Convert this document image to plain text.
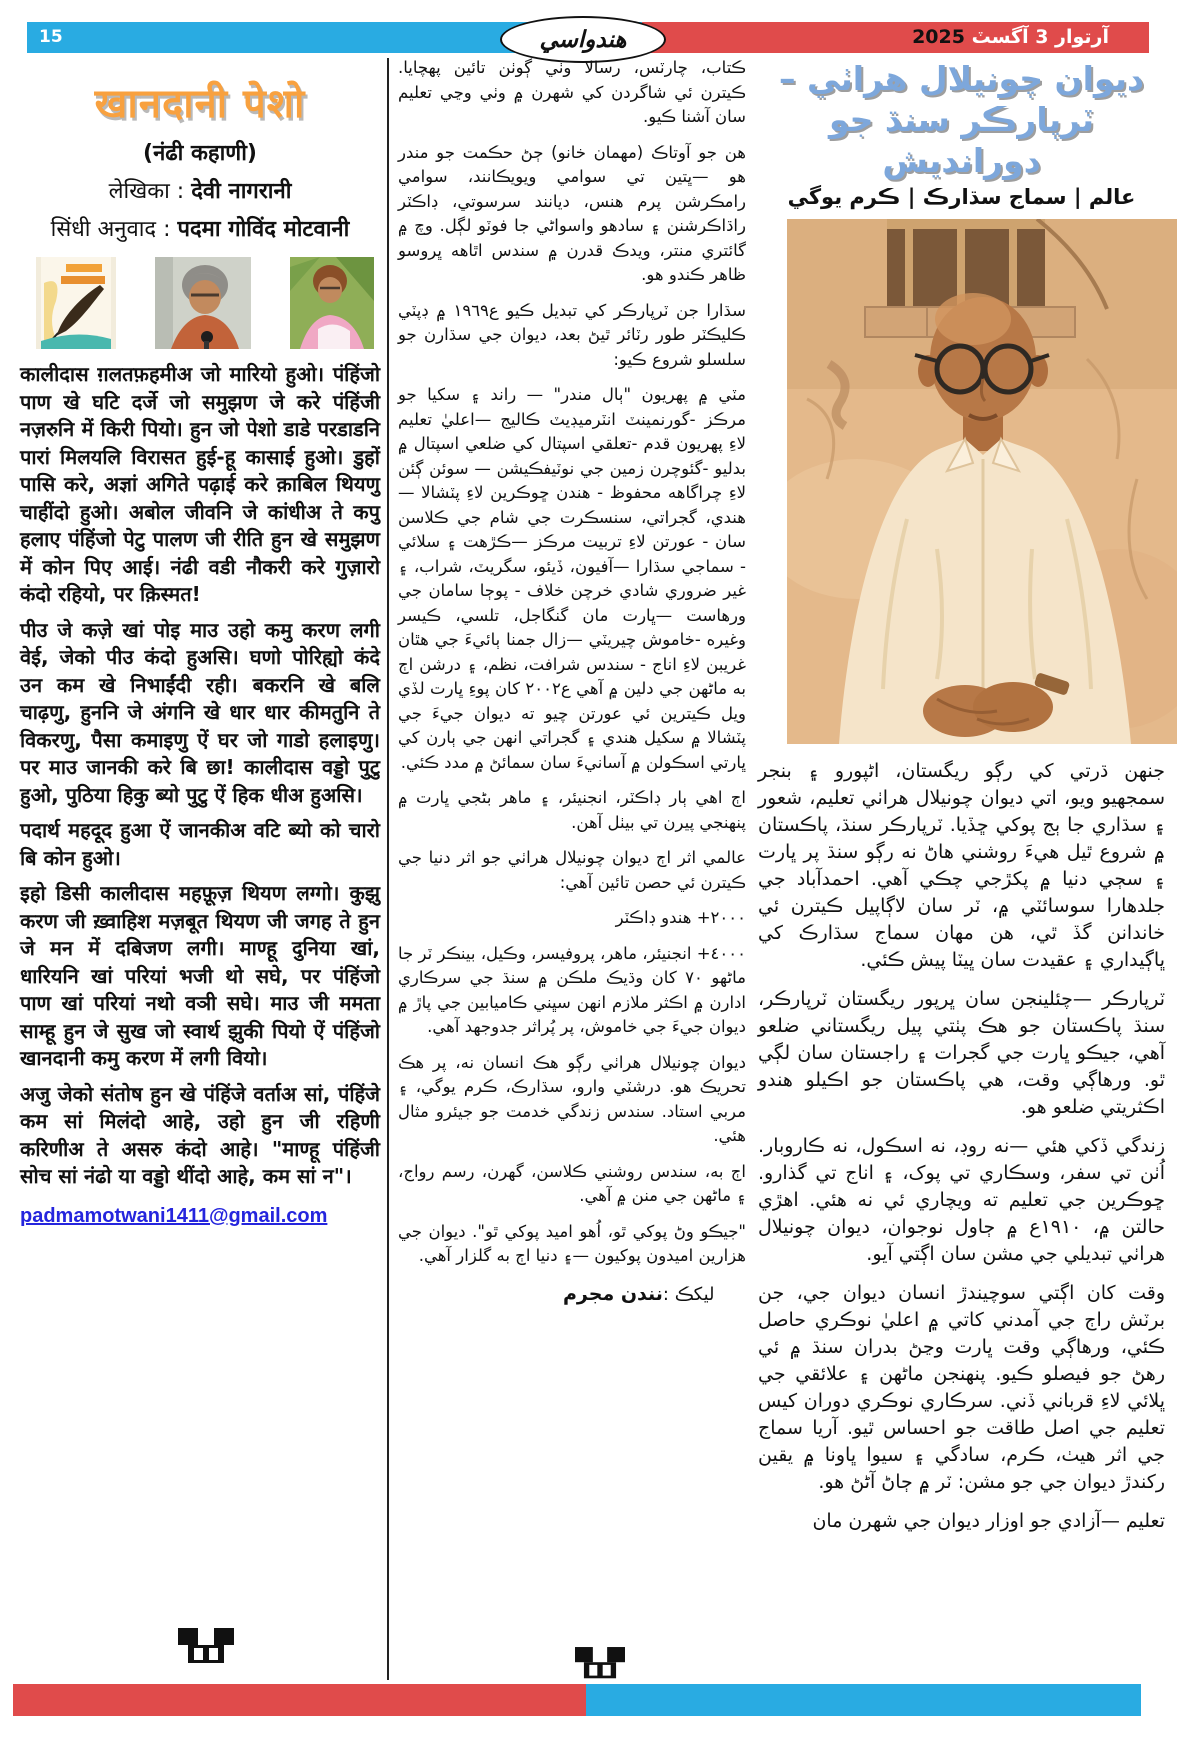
15	هندواسي	آرتوار 3 آگسٽ 2025
खानदानी पेशो
(नंढी कहाणी)
लेखिका : देवी नागरानी
सिंधी अनुवाद : पदमा गोविंद मोटवानी

कालीदास ग़लतफ़हमीअ जो मारियो हुओ। पंहिंजो पाण खे घटि दर्जे जो समुझण जे करे पंहिंजी नज़रुनि में किरी पियो। हुन जो पेशो डाडे परडाडनि पारां मिलयलि विरासत हुई-हू कासाई हुओ। डुहों पासि करे, अज्ञां अगिते पढ़ाई करे क़ाबिल थियणु चाहींदो हुओ। अबोल जीवनि जे कांधीअ ते कपु हलाए पंहिंजो पेटु पालण जी रीति हुन खे समुझण में कोन पिए आई। नंढी वडी नौकरी करे गुज़ारो कंदो रहियो, पर क़िस्मत!

पीउ जे कज़े खां पोइ माउ उहो कमु करण लगी वेई, जेको पीउ कंदो हुअसि। घणो पोरिह्यो कंदे उन कम खे निभाईंदी रही। बकरनि खे बलि चाढ़णु, हुननि जे अंगनि खे धार धार कीमतुनि ते विकरणु, पैसा कमाइणु ऐं घर जो गाडो हलाइणु। पर माउ जानकी करे बि छा! कालीदास वड्डो पुटु हुओ, पुठिया हिकु ब्यो पुटु ऐं हिक धीअ हुअसि।

पदार्थ महदूद हुआ ऐं जानकीअ वटि ब्यो को चारो बि कोन हुओ।

इहो डिसी कालीदास महफ़ूज़ थियण लग्गो। कुझु करण जी ख़्वाहिश मज़बूत थियण जी जगह ते हुन जे मन में दबिजण लगी। माण्हू दुनिया खां, धारियनि खां परियां भजी थो सघे, पर पंहिंजो पाण खां परियां नथो वञी सघे। माउ जी ममता साम्हू हुन जे सुख जो स्वार्थ झुकी पियो ऐं पंहिंजो खानदानी कमु करण में लगी वियो।

अजु जेको संतोष हुन खे पंहिंजे वर्ताअ सां, पंहिंजे कम सां मिलंदो आहे, उहो हुन जी रहिणी करिणीअ ते असरु कंदो आहे। "माण्हू पंहिंजी सोच सां नंढो या वड्डो थींदो आहे, कम सां न"।

padmamotwani1411@gmail.com

ڪتاب، چارٽس، رسالا وٺي ڳوٺن تائين پهچايا. ڪيترن ئي شاگردن کي شهرن ۾ وٺي وڃي تعليم سان آشنا ڪيو.

هن جو آوتاڪ (مهمان خانو) ڄڻ حڪمت جو مندر هو —ڀتين تي سوامي ويويڪانند، سوامي رامڪرشن پرم هنس، ديانند سرسوتي، ڊاڪٽر راڌاڪرشنن ۽ سادهو واسواڻي جا فوٽو لڳل. وچ ۾ گائتري منتر، ويدڪ قدرن ۾ سندس اٿاهه ڀروسو ظاهر ڪندو هو.

سڌارا جن ٽرپارڪر کي تبديل ڪيو ع١٩٦٩ ۾ ڊپٽي ڪليڪٽر طور رٽائر ٿيڻ بعد، ديوان جي سڌارن جو سلسلو شروع ڪيو:

مٽي ۾ پهريون "ٻال مندر" — راند ۽ سکيا جو مرڪز -گورنمينٽ انٽرميڊيٽ ڪاليج —اعليٰ تعليم لاءِ پهريون قدم -تعلقي اسپتال کي ضلعي اسپتال ۾ بدليو -گئوچرن زمين جي نوٽيفڪيشن — سوئن ڳئن لاءِ چراگاهه محفوظ - هندن ڇوڪرين لاءِ پٽشالا —هندي، گجراتي، سنسڪرت جي شام جي ڪلاسن سان - عورتن لاءِ تربيت مرڪز —ڪڙهت ۽ سلائي - سماجي سڌارا —آفيون، ڏيئو، سگريٽ، شراب، ۽ غير ضروري شادي خرچن خلاف - پوڄا سامان جي ورهاست —ڀارت مان گنگاجل، تلسي، ڪيسر وغيره -خاموش چيريٽي —زال جمنا ٻائيءَ جي هٿان غريبن لاءِ اناج - سندس شرافت، نظم، ۽ درشن اڄ به ماڻهن جي دلين ۾ آهي ع٢٠٠٢ کان پوءِ ڀارت لڏي ويل ڪيترين ئي عورتن چيو ته ديوان جيءَ جي پٽشالا ۾ سکيل هندي ۽ گجراتي انهن جي ٻارن کي ڀارتي اسڪولن ۾ آسانيءَ سان سمائڻ ۾ مدد ڪئي.

اڄ اهي ٻار ڊاڪٽر، انجنيئر، ۽ ماهر بڻجي ڀارت ۾ پنهنجي پيرن تي بيٺل آهن.

عالمي اثر اڄ ديوان چونيلال هراٺي جو اثر دنيا جي ڪيترن ئي حصن تائين آهي:

٢٠٠٠+ هندو ڊاڪٽر

٤٠٠٠+ انجنيئر، ماهر، پروفيسر، وڪيل، بينڪر ٽر جا ماڻهو ٧٠ کان وڌيڪ ملڪن ۾ سنڌ جي سرڪاري ادارن ۾ اڪثر ملازم انهن سڀني ڪاميابين جي پاڙ ۾ ديوان جيءَ جي خاموش، پر پُراثر جدوجهد آهي.

ديوان چونيلال هراٺي رڳو هڪ انسان نه، پر هڪ تحريڪ هو. درشٽي وارو، سڌارڪ، ڪرم يوگي، ۽ مربي استاد. سندس زندگي خدمت جو جيئرو مثال هئي.

اڄ به، سندس روشني ڪلاسن، گهرن، رسم رواج، ۽ ماڻهن جي منن ۾ آهي.

"جيڪو وڻ پوکي ٿو، اُهو اميد پوکي ٿو". ديوان جي هزارين اميدون پوکيون —۽ دنيا اڄ به گلزار آهي.

ليکڪ :نندن مجرم
ديوان چونيلال هراٺي –
ٽرپارڪر سنڌ جو دورانديش
عالم | سماج سڌارڪ | ڪرم يوگي

جنهن ڌرتي کي رڳو ريگستان، اڻپورو ۽ بنجر سمجهيو ويو، اتي ديوان چونيلال هراٺي تعليم، شعور ۽ سڌاري جا ٻج پوکي ڇڏيا. ٽرپارڪر سنڌ، پاڪستان ۾ شروع ٿيل هيءَ روشني هاڻ نه رڳو سنڌ پر ڀارت ۽ سڄي دنيا ۾ پکڙجي چڪي آهي. احمدآباد جي جلدهارا سوسائٽي ۾، ٽر سان لاڳاپيل ڪيترن ئي خاندانن گڏ ٿي، هن مهان سماج سڌارڪ کي ڀاڳيداري ۽ عقيدت سان ڀيٽا پيش ڪئي.

ٽرپارڪر —چئلينجن سان ڀرپور ريگستان ٽرپارڪر، سنڌ پاڪستان جو هڪ پٺتي پيل ريگستاني ضلعو آهي، جيڪو ڀارت جي گجرات ۽ راجستان سان لڳي ٿو. ورهاڳي وقت، هي پاڪستان جو اڪيلو هندو اڪثريتي ضلعو هو.

زندگي ڏکي هئي —نه روڊ، نه اسڪول، نه ڪاروبار. اُٺن تي سفر، وسڪاري تي پوک، ۽ اناج تي گذارو. ڇوڪرين جي تعليم ته ويچاري ئي نه هئي. اهڙي حالتن ۾، ١٩١٠ع ۾ ڄاول نوجوان، ديوان چونيلال هراٺي تبديلي جي مشن سان اڳتي آيو.

وقت کان اڳتي سوچيندڙ انسان ديوان جي، جن برٽش راڄ جي آمدني کاتي ۾ اعليٰ نوڪري حاصل ڪئي، ورهاڳي وقت ڀارت وڃڻ بدران سنڌ ۾ ئي رهڻ جو فيصلو ڪيو. پنهنجن ماڻهن ۽ علائقي جي ڀلائي لاءِ قرباني ڏني. سرڪاري نوڪري دوران کيس تعليم جي اصل طاقت جو احساس ٿيو. آريا سماج جي اثر هيٺ، ڪرم، سادگي ۽ سيوا ڀاونا ۾ يقين رکندڙ ديوان جي جو مشن: ٽر ۾ ڄاڻ آڻڻ هو.

تعليم —آزادي جو اوزار ديوان جي شهرن مان
